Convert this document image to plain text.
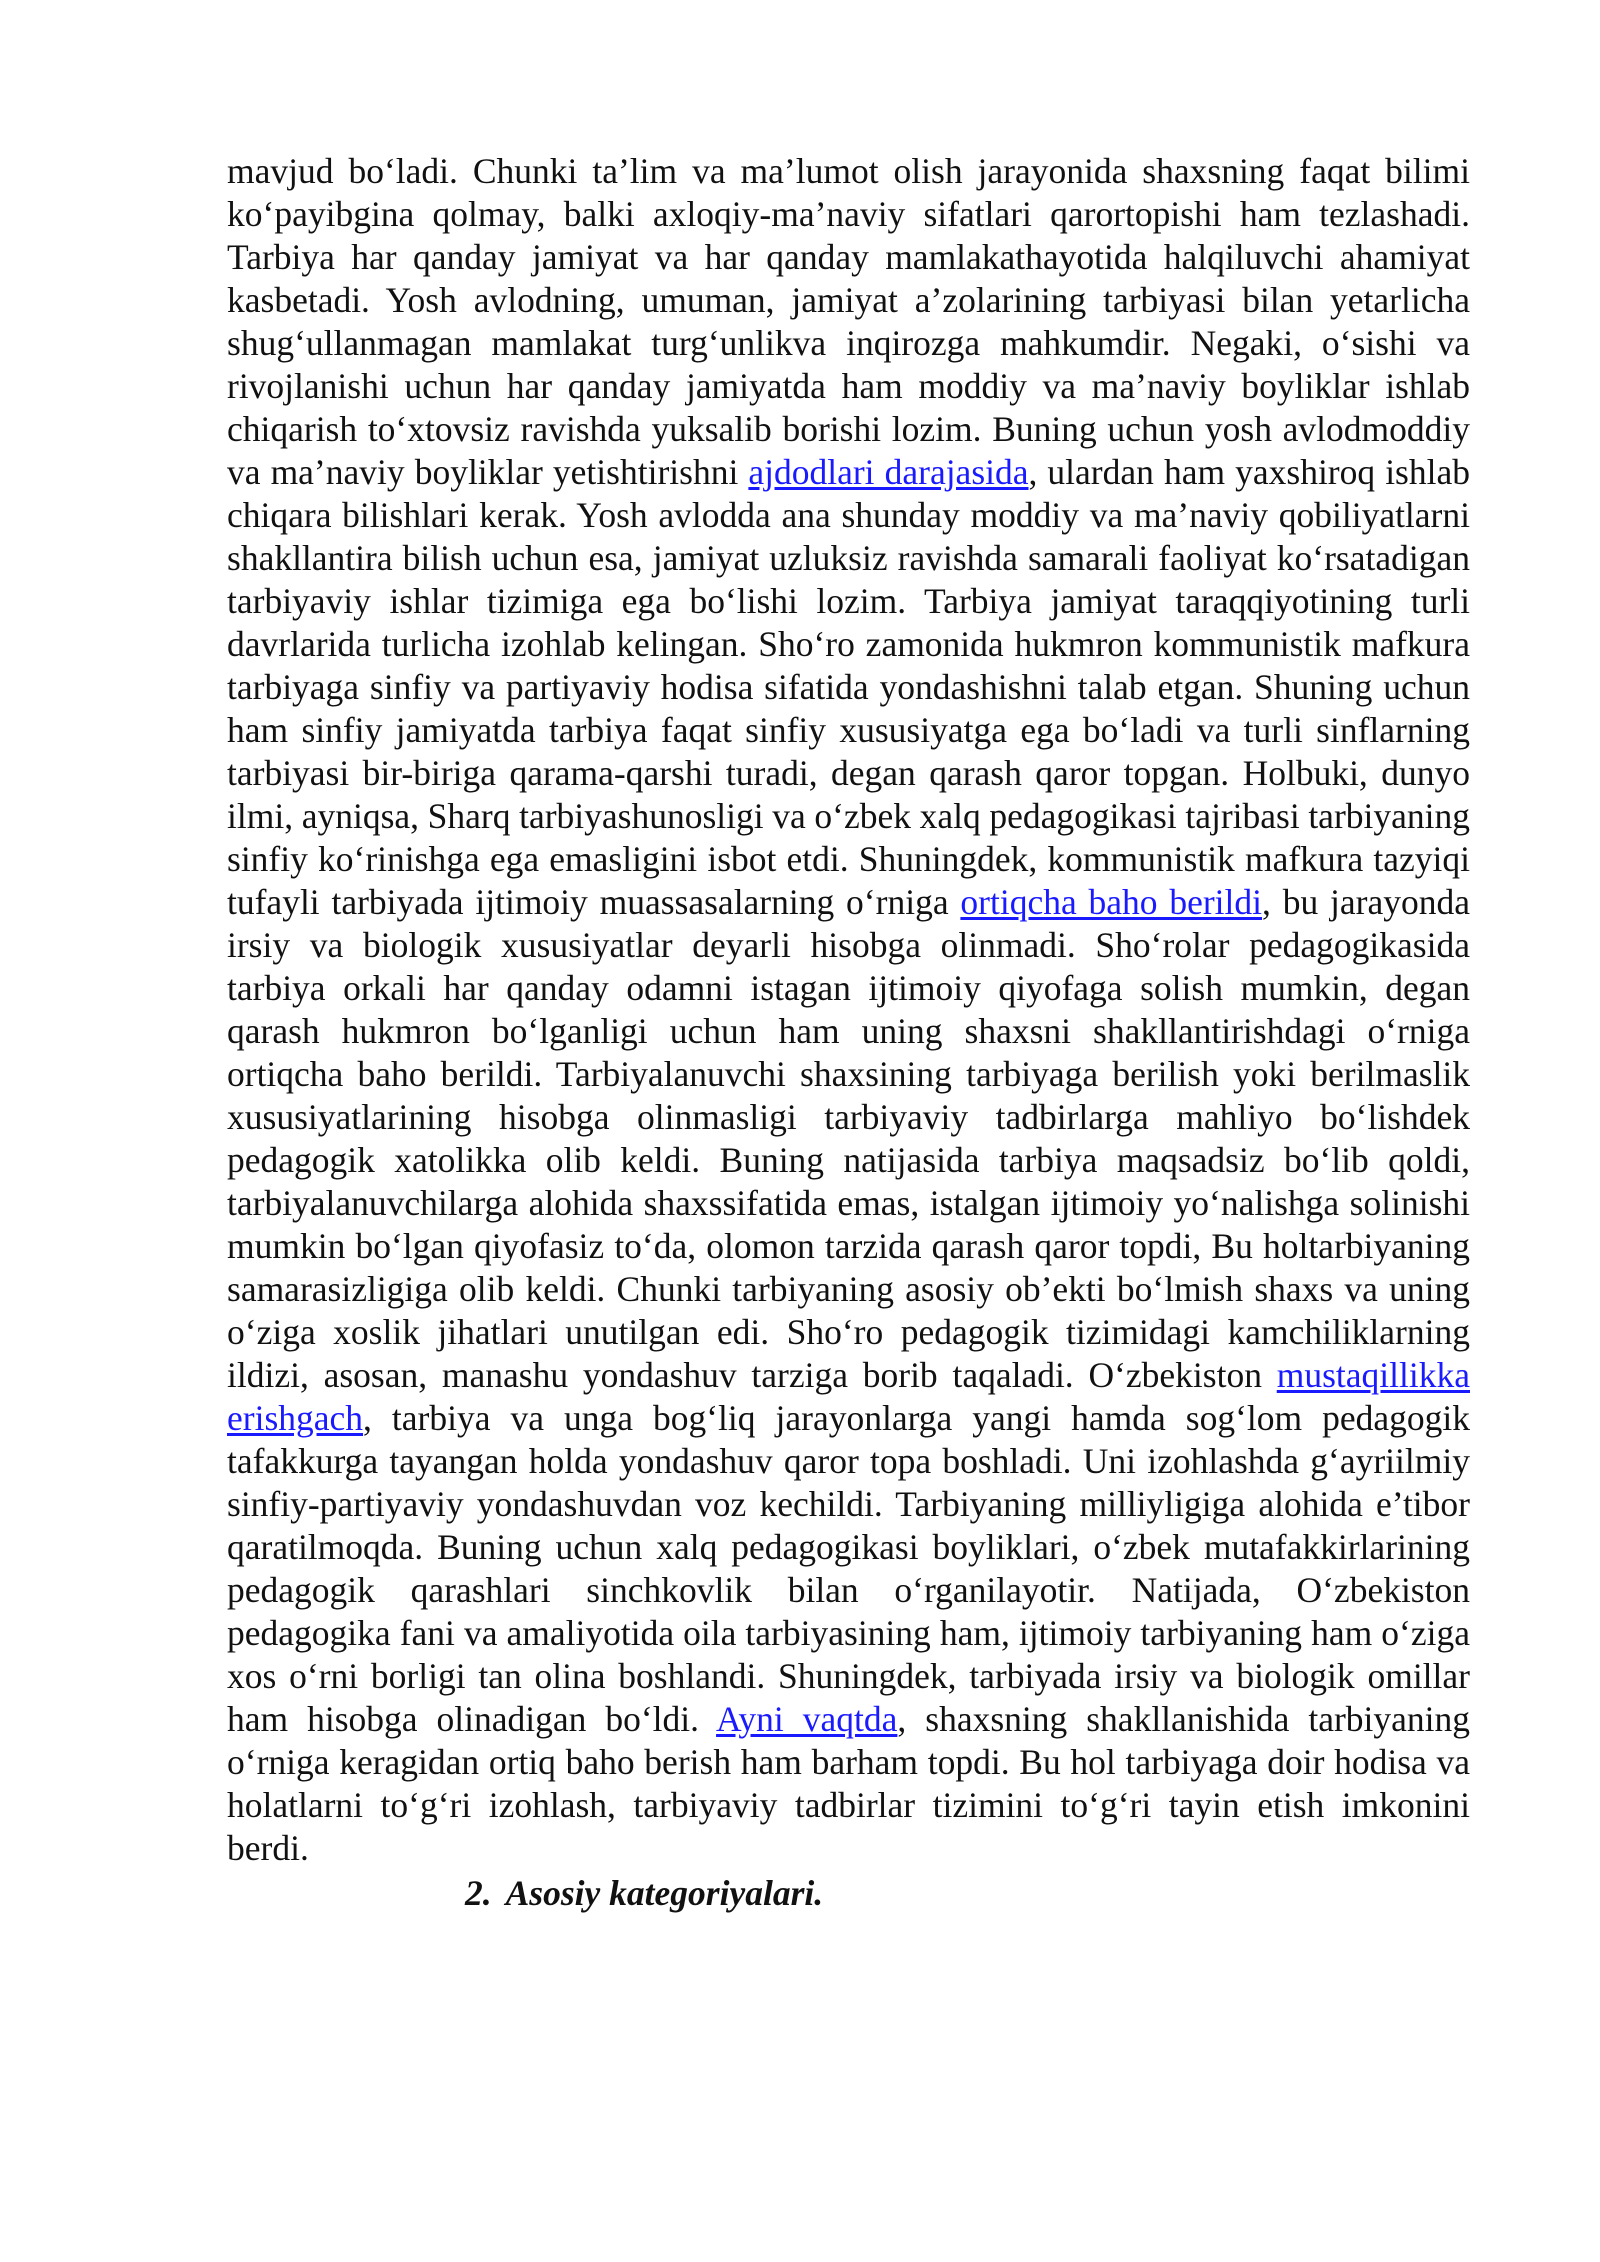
mavjud bo‘ladi. Chunki ta’lim va ma’lumot olish jarayonida shaxsning faqat bilimi ko‘payibgina qolmay, balki axloqiy-ma’naviy sifatlari qarortopishi ham tezlashadi. Tarbiya har qanday jamiyat va har qanday mamlakathayotida halqiluvchi ahamiyat kasbetadi. Yosh avlodning, umuman, jamiyat a’zolarining tarbiyasi bilan yetarlicha shug‘ullanmagan mamlakat turg‘unlikva inqirozga mahkumdir. Negaki, o‘sishi va rivojlanishi uchun har qanday jamiyatda ham moddiy va ma’naviy boyliklar ishlab chiqarish to‘xtovsiz ravishda yuksalib borishi lozim. Buning uchun yosh avlodmoddiy va ma’naviy boyliklar yetishtirishni ajdodlari darajasida, ulardan ham yaxshiroq ishlab chiqara bilishlari kerak. Yosh avlodda ana shunday moddiy va ma’naviy qobiliyatlarni shakllantira bilish uchun esa, jamiyat uzluksiz ravishda samarali faoliyat ko‘rsatadigan tarbiyaviy ishlar tizimiga ega bo‘lishi lozim. Tarbiya jamiyat taraqqiyotining turli davrlarida turlicha izohlab kelingan. Sho‘ro zamonida hukmron kommunistik mafkura tarbiyaga sinfiy va partiyaviy hodisa sifatida yondashishni talab etgan. Shuning uchun ham sinfiy jamiyatda tarbiya faqat sinfiy xususiyatga ega bo‘ladi va turli sinflarning tarbiyasi bir-biriga qarama-qarshi turadi, degan qarash qaror topgan. Holbuki, dunyo ilmi, ayniqsa, Sharq tarbiyashunosligi va o‘zbek xalq pedagogikasi tajribasi tarbiyaning sinfiy ko‘rinishga ega emasligini isbot etdi. Shuningdek, kommunistik mafkura tazyiqi tufayli tarbiyada ijtimoiy muassasalarning o‘rniga ortiqcha baho berildi, bu jarayonda irsiy va biologik xususiyatlar deyarli hisobga olinmadi. Sho‘rolar pedagogikasida tarbiya orkali har qanday odamni istagan ijtimoiy qiyofaga solish mumkin, degan qarash hukmron bo‘lganligi uchun ham uning shaxsni shakllantirishdagi o‘rniga ortiqcha baho berildi. Tarbiyalanuvchi shaxsining tarbiyaga berilish yoki berilmaslik xususiyatlarining hisobga olinmasligi tarbiyaviy tadbirlarga mahliyo bo‘lishdek pedagogik xatolikka olib keldi. Buning natijasida tarbiya maqsadsiz bo‘lib qoldi, tarbiyalanuvchilarga alohida shaxssifatida emas, istalgan ijtimoiy yo‘nalishga solinishi mumkin bo‘lgan qiyofasiz to‘da, olomon tarzida qarash qaror topdi, Bu holtarbiyaning samarasizligiga olib keldi. Chunki tarbiyaning asosiy ob’ekti bo‘lmish shaxs va uning o‘ziga xoslik jihatlari unutilgan edi. Sho‘ro pedagogik tizimidagi kamchiliklarning ildizi, asosan, manashu yondashuv tarziga borib taqaladi. O‘zbekiston mustaqillikka erishgach, tarbiya va unga bog‘liq jarayonlarga yangi hamda sog‘lom pedagogik tafakkurga tayangan holda yondashuv qaror topa boshladi. Uni izohlashda g‘ayriilmiy sinfiy-partiyaviy yondashuvdan voz kechildi. Tarbiyaning milliyligiga alohida e’tibor qaratilmoqda. Buning uchun xalq pedagogikasi boyliklari, o‘zbek mutafakkirlarining pedagogik qarashlari sinchkovlik bilan o‘rganilayotir. Natijada, O‘zbekiston pedagogika fani va amaliyotida oila tarbiyasining ham, ijtimoiy tarbiyaning ham o‘ziga xos o‘rni borligi tan olina boshlandi. Shuningdek, tarbiyada irsiy va biologik omillar ham hisobga olinadigan bo‘ldi. Ayni vaqtda, shaxsning shakllanishida tarbiyaning o‘rniga keragidan ortiq baho berish ham barham topdi. Bu hol tarbiyaga doir hodisa va holatlarni to‘g‘ri izohlash, tarbiyaviy tadbirlar tizimini to‘g‘ri tayin etish imkonini berdi.

2. Asosiy kategoriyalari.
